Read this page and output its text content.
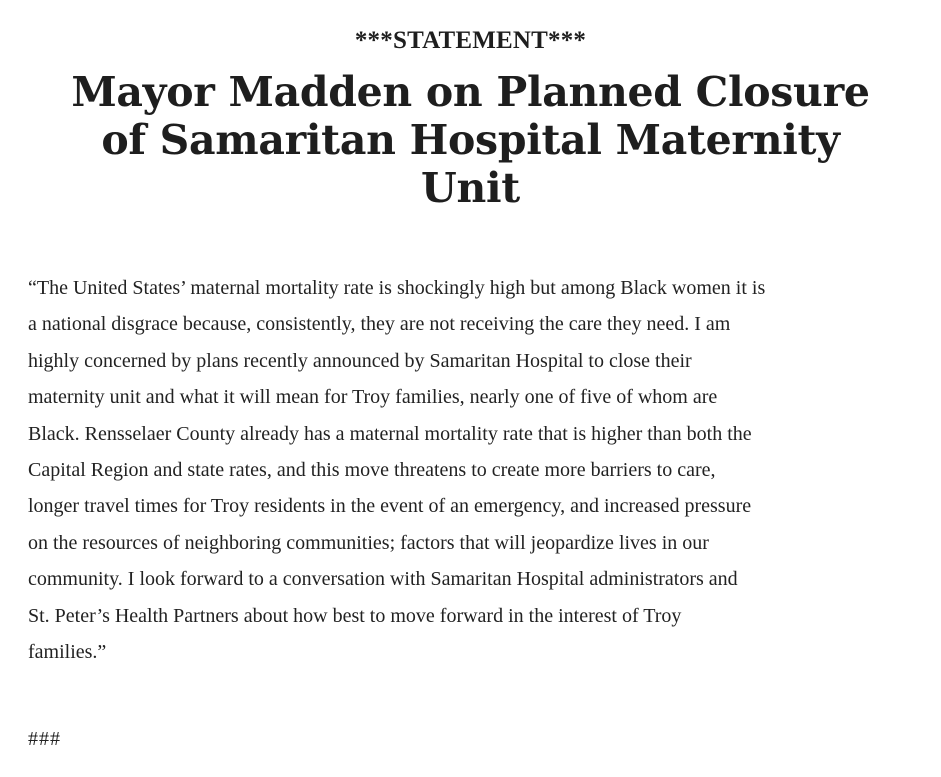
***STATEMENT***
Mayor Madden on Planned Closure
of Samaritan Hospital Maternity
Unit

“The United States’ maternal mortality rate is shockingly high but among Black women it is
a national disgrace because, consistently, they are not receiving the care they need. I am
highly concerned by plans recently announced by Samaritan Hospital to close their
maternity unit and what it will mean for Troy families, nearly one of five of whom are
Black. Rensselaer County already has a maternal mortality rate that is higher than both the
Capital Region and state rates, and this move threatens to create more barriers to care,
longer travel times for Troy residents in the event of an emergency, and increased pressure
on the resources of neighboring communities; factors that will jeopardize lives in our
community. I look forward to a conversation with Samaritan Hospital administrators and
St. Peter’s Health Partners about how best to move forward in the interest of Troy
families.”

###
